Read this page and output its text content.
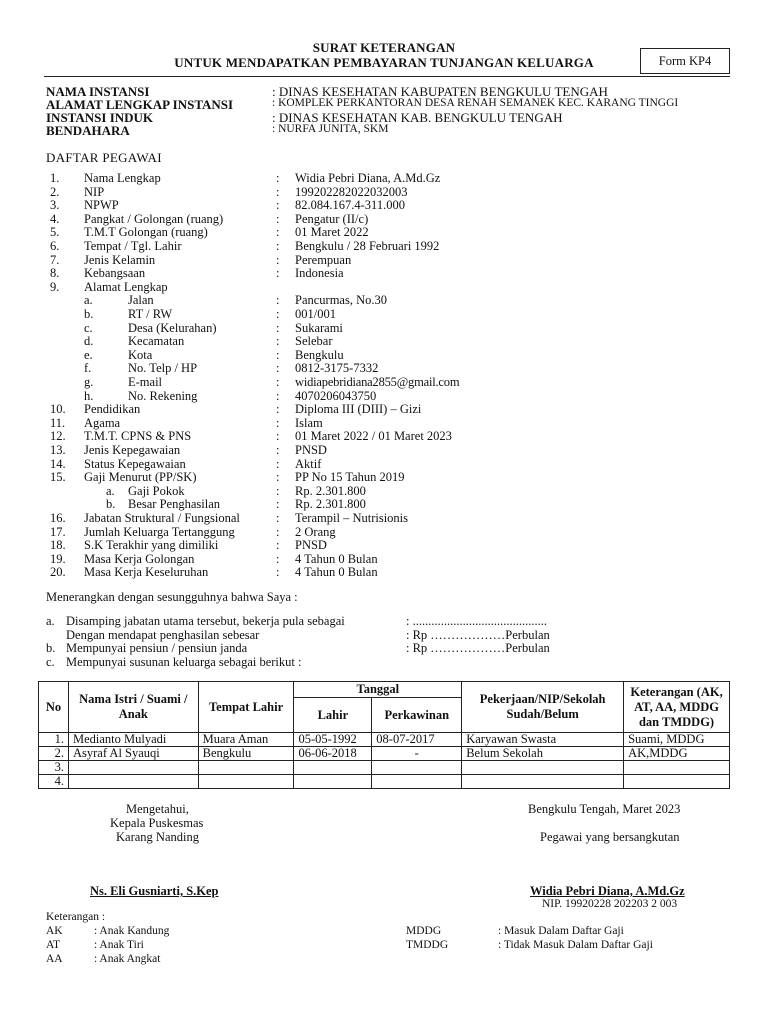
SURAT KETERANGAN
UNTUK MENDAPATKAN PEMBAYARAN TUNJANGAN KELUARGA	Form KP4
NAMA INSTANSI	: DINAS KESEHATAN KABUPATEN BENGKULU TENGAH
ALAMAT LENGKAP INSTANSI	: KOMPLEK PERKANTORAN DESA RENAH SEMANEK KEC. KARANG TINGGI
INSTANSI INDUK	: DINAS KESEHATAN KAB. BENGKULU TENGAH
BENDAHARA	: NURFA JUNITA, SKM
DAFTAR PEGAWAI
1. Nama Lengkap	: Widia Pebri Diana, A.Md.Gz
2. NIP	: 199202282022032003
3. NPWP	: 82.084.167.4-311.000
4. Pangkat / Golongan (ruang)	: Pengatur (II/c)
5. T.M.T Golongan (ruang)	: 01 Maret 2022
6. Tempat / Tgl. Lahir	: Bengkulu / 28 Februari 1992
7. Jenis Kelamin	: Perempuan
8. Kebangsaan	: Indonesia
9. Alamat Lengkap
a.	Jalan	: Pancurmas, No.30
b.	RT / RW	: 001/001
c.	Desa (Kelurahan)	: Sukarami
d.	Kecamatan	: Selebar
e.	Kota	: Bengkulu
f.	No. Telp / HP	: 0812-3175-7332
g.	E-mail	: widiapebridiana2855@gmail.com
h.	No. Rekening	: 4070206043750
10. Pendidikan	: Diploma III (DIII) – Gizi
11. Agama	: Islam
12. T.M.T. CPNS & PNS	: 01 Maret 2022 / 01 Maret 2023
13. Jenis Kepegawaian	: PNSD
14. Status Kepegawaian	: Aktif
15. Gaji Menurut (PP/SK)	: PP No 15 Tahun 2019
a. Gaji Pokok	: Rp. 2.301.800
b. Besar Penghasilan	: Rp. 2.301.800
16. Jabatan Struktural / Fungsional	: Terampil – Nutrisionis
17. Jumlah Keluarga Tertanggung	: 2 Orang
18. S.K Terakhir yang dimiliki	: PNSD
19. Masa Kerja Golongan	: 4 Tahun 0 Bulan
20. Masa Kerja Keseluruhan	: 4 Tahun 0 Bulan
Menerangkan dengan sesungguhnya bahwa Saya :
a. Disamping jabatan utama tersebut, bekerja pula sebagai	: ...........................................
Dengan mendapat penghasilan sebesar	: Rp ………………Perbulan
b. Mempunyai pensiun / pensiun janda	: Rp ………………Perbulan
c. Mempunyai susunan keluarga sebagai berikut :
No	Nama Istri / Suami / Anak	Tempat Lahir	Tanggal		Pekerjaan/NIP/Sekolah Sudah/Belum	Keterangan (AK, AT, AA, MDDG dan TMDDG)
			Lahir	Perkawinan		
1.	Medianto Mulyadi	Muara Aman	05-05-1992	08-07-2017	Karyawan Swasta	Suami, MDDG
2.	Asyraf Al Syauqi	Bengkulu	06-06-2018	-	Belum Sekolah	AK,MDDG
3.						
4.						
Mengetahui,
Kepala Puskesmas
Karang Nanding
Ns. Eli Gusniarti, S.Kep
Bengkulu Tengah, Maret 2023
Pegawai yang bersangkutan
Widia Pebri Diana, A.Md.Gz
NIP. 19920228 202203 2 003
Keterangan :
AK	: Anak Kandung
AT	: Anak Tiri
AA	: Anak Angkat
MDDG	: Masuk Dalam Daftar Gaji
TMDDG	: Tidak Masuk Dalam Daftar Gaji
